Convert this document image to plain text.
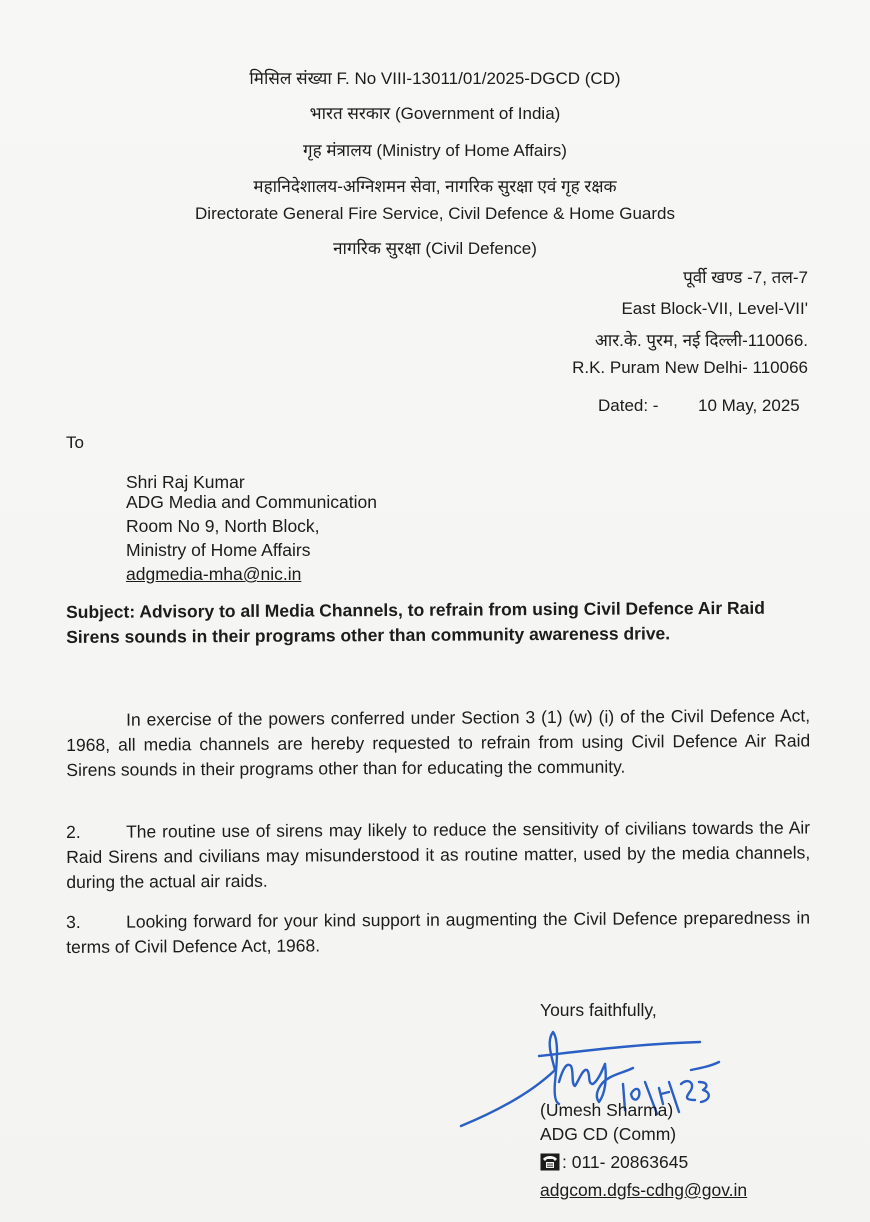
मिसिल संख्या F. No VIII-13011/01/2025-DGCD (CD)
भारत सरकार (Government of India)
गृह मंत्रालय (Ministry of Home Affairs)
महानिदेशालय-अग्निशमन सेवा, नागरिक सुरक्षा एवं गृह रक्षक
Directorate General Fire Service, Civil Defence & Home Guards
नागरिक सुरक्षा (Civil Defence)
पूर्वी खण्ड -7, तल-7
East Block-VII, Level-VII'
आर.के. पुरम, नई दिल्ली-110066.
R.K. Puram New Delhi- 110066
Dated: - 10 May, 2025
To
Shri Raj Kumar
ADG Media and Communication
Room No 9, North Block,
Ministry of Home Affairs
adgmedia-mha@nic.in
Subject: Advisory to all Media Channels, to refrain from using Civil Defence Air Raid Sirens sounds in their programs other than community awareness drive.
In exercise of the powers conferred under Section 3 (1) (w) (i) of the Civil Defence Act, 1968, all media channels are hereby requested to refrain from using Civil Defence Air Raid Sirens sounds in their programs other than for educating the community.
2.	The routine use of sirens may likely to reduce the sensitivity of civilians towards the Air Raid Sirens and civilians may misunderstood it as routine matter, used by the media channels, during the actual air raids.
3.	Looking forward for your kind support in augmenting the Civil Defence preparedness in terms of Civil Defence Act, 1968.
Yours faithfully,
(Umesh Sharma)
ADG CD (Comm)
: 011- 20863645
adgcom.dgfs-cdhg@gov.in
